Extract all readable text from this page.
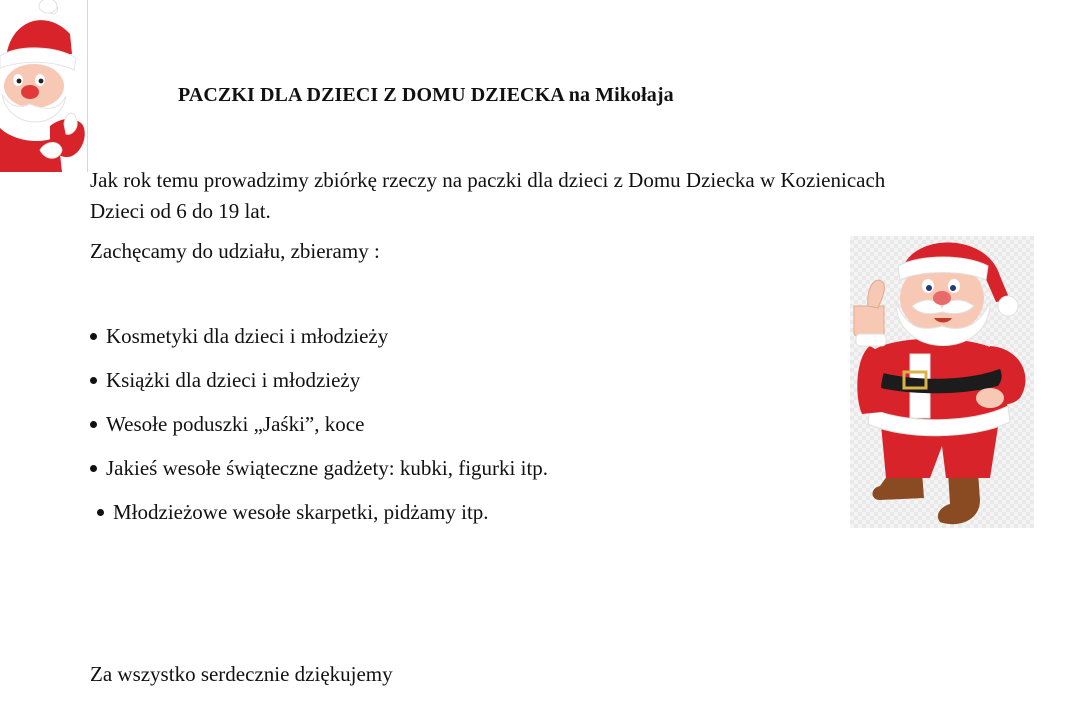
PACZKI DLA DZIECI Z DOMU DZIECKA na Mikołaja
Jak rok temu prowadzimy zbiórkę rzeczy na paczki dla dzieci z Domu Dziecka w Kozienicach
Dzieci od 6 do 19 lat.
Zachęcamy do udziału, zbieramy :
Kosmetyki dla dzieci i młodzieży
Książki dla dzieci i młodzieży
Wesołe poduszki „Jaśki”, koce
Jakieś wesołe świąteczne gadżety: kubki, figurki itp.
Młodzieżowe wesołe skarpetki, pidżamy itp.
Za wszystko serdecznie dziękujemy
